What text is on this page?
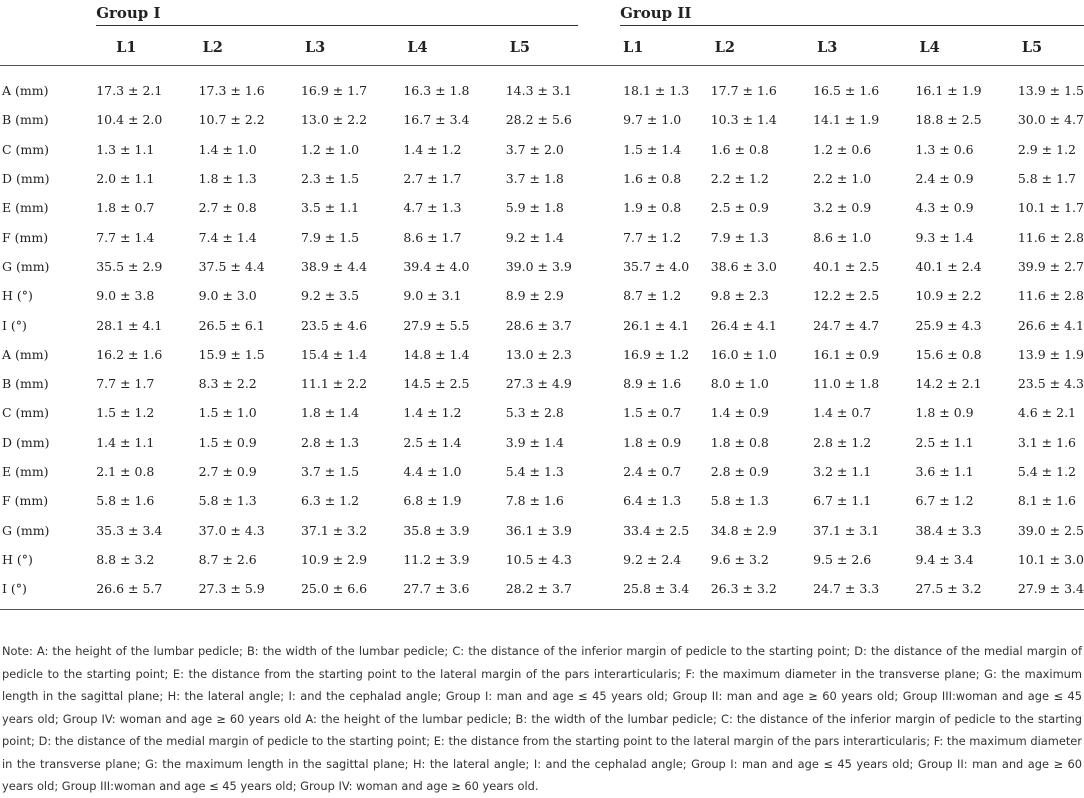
	Group I					Group II				

	L1	L2	L3	L4	L5	L1	L2	L3	L4	L5
A (mm)	17.3 ± 2.1	17.3 ± 1.6	16.9 ± 1.7	16.3 ± 1.8	14.3 ± 3.1	18.1 ± 1.3	17.7 ± 1.6	16.5 ± 1.6	16.1 ± 1.9	13.9 ± 1.5
B (mm)	10.4 ± 2.0	10.7 ± 2.2	13.0 ± 2.2	16.7 ± 3.4	28.2 ± 5.6	9.7 ± 1.0	10.3 ± 1.4	14.1 ± 1.9	18.8 ± 2.5	30.0 ± 4.7
C (mm)	1.3 ± 1.1	1.4 ± 1.0	1.2 ± 1.0	1.4 ± 1.2	3.7 ± 2.0	1.5 ± 1.4	1.6 ± 0.8	1.2 ± 0.6	1.3 ± 0.6	2.9 ± 1.2
D (mm)	2.0 ± 1.1	1.8 ± 1.3	2.3 ± 1.5	2.7 ± 1.7	3.7 ± 1.8	1.6 ± 0.8	2.2 ± 1.2	2.2 ± 1.0	2.4 ± 0.9	5.8 ± 1.7
E (mm)	1.8 ± 0.7	2.7 ± 0.8	3.5 ± 1.1	4.7 ± 1.3	5.9 ± 1.8	1.9 ± 0.8	2.5 ± 0.9	3.2 ± 0.9	4.3 ± 0.9	10.1 ± 1.7
F (mm)	7.7 ± 1.4	7.4 ± 1.4	7.9 ± 1.5	8.6 ± 1.7	9.2 ± 1.4	7.7 ± 1.2	7.9 ± 1.3	8.6 ± 1.0	9.3 ± 1.4	11.6 ± 2.8
G (mm)	35.5 ± 2.9	37.5 ± 4.4	38.9 ± 4.4	39.4 ± 4.0	39.0 ± 3.9	35.7 ± 4.0	38.6 ± 3.0	40.1 ± 2.5	40.1 ± 2.4	39.9 ± 2.7
H (°)	9.0 ± 3.8	9.0 ± 3.0	9.2 ± 3.5	9.0 ± 3.1	8.9 ± 2.9	8.7 ± 1.2	9.8 ± 2.3	12.2 ± 2.5	10.9 ± 2.2	11.6 ± 2.8
I (°)	28.1 ± 4.1	26.5 ± 6.1	23.5 ± 4.6	27.9 ± 5.5	28.6 ± 3.7	26.1 ± 4.1	26.4 ± 4.1	24.7 ± 4.7	25.9 ± 4.3	26.6 ± 4.1
A (mm)	16.2 ± 1.6	15.9 ± 1.5	15.4 ± 1.4	14.8 ± 1.4	13.0 ± 2.3	16.9 ± 1.2	16.0 ± 1.0	16.1 ± 0.9	15.6 ± 0.8	13.9 ± 1.9
B (mm)	7.7 ± 1.7	8.3 ± 2.2	11.1 ± 2.2	14.5 ± 2.5	27.3 ± 4.9	8.9 ± 1.6	8.0 ± 1.0	11.0 ± 1.8	14.2 ± 2.1	23.5 ± 4.3
C (mm)	1.5 ± 1.2	1.5 ± 1.0	1.8 ± 1.4	1.4 ± 1.2	5.3 ± 2.8	1.5 ± 0.7	1.4 ± 0.9	1.4 ± 0.7	1.8 ± 0.9	4.6 ± 2.1
D (mm)	1.4 ± 1.1	1.5 ± 0.9	2.8 ± 1.3	2.5 ± 1.4	3.9 ± 1.4	1.8 ± 0.9	1.8 ± 0.8	2.8 ± 1.2	2.5 ± 1.1	3.1 ± 1.6
E (mm)	2.1 ± 0.8	2.7 ± 0.9	3.7 ± 1.5	4.4 ± 1.0	5.4 ± 1.3	2.4 ± 0.7	2.8 ± 0.9	3.2 ± 1.1	3.6 ± 1.1	5.4 ± 1.2
F (mm)	5.8 ± 1.6	5.8 ± 1.3	6.3 ± 1.2	6.8 ± 1.9	7.8 ± 1.6	6.4 ± 1.3	5.8 ± 1.3	6.7 ± 1.1	6.7 ± 1.2	8.1 ± 1.6
G (mm)	35.3 ± 3.4	37.0 ± 4.3	37.1 ± 3.2	35.8 ± 3.9	36.1 ± 3.9	33.4 ± 2.5	34.8 ± 2.9	37.1 ± 3.1	38.4 ± 3.3	39.0 ± 2.5
H (°)	8.8 ± 3.2	8.7 ± 2.6	10.9 ± 2.9	11.2 ± 3.9	10.5 ± 4.3	9.2 ± 2.4	9.6 ± 3.2	9.5 ± 2.6	9.4 ± 3.4	10.1 ± 3.0
I (°)	26.6 ± 5.7	27.3 ± 5.9	25.0 ± 6.6	27.7 ± 3.6	28.2 ± 3.7	25.8 ± 3.4	26.3 ± 3.2	24.7 ± 3.3	27.5 ± 3.2	27.9 ± 3.4
Note: A: the height of the lumbar pedicle; B: the width of the lumbar pedicle; C: the distance of the inferior margin of pedicle to the starting point; D: the distance of the medial margin of pedicle to the starting point; E: the distance from the starting point to the lateral margin of the pars interarticularis; F: the maximum diameter in the transverse plane; G: the maximum length in the sagittal plane; H: the lateral angle; I: and the cephalad angle; Group I: man and age ≤ 45 years old; Group II: man and age ≥ 60 years old; Group III:woman and age ≤ 45 years old; Group IV: woman and age ≥ 60 years old A: the height of the lumbar pedicle; B: the width of the lumbar pedicle; C: the distance of the inferior margin of pedicle to the starting point; D: the distance of the medial margin of pedicle to the starting point; E: the distance from the starting point to the lateral margin of the pars interarticularis; F: the maximum diameter in the transverse plane; G: the maximum length in the sagittal plane; H: the lateral angle; I: and the cephalad angle; Group I: man and age ≤ 45 years old; Group II: man and age ≥ 60 years old; Group III:woman and age ≤ 45 years old; Group IV: woman and age ≥ 60 years old.
